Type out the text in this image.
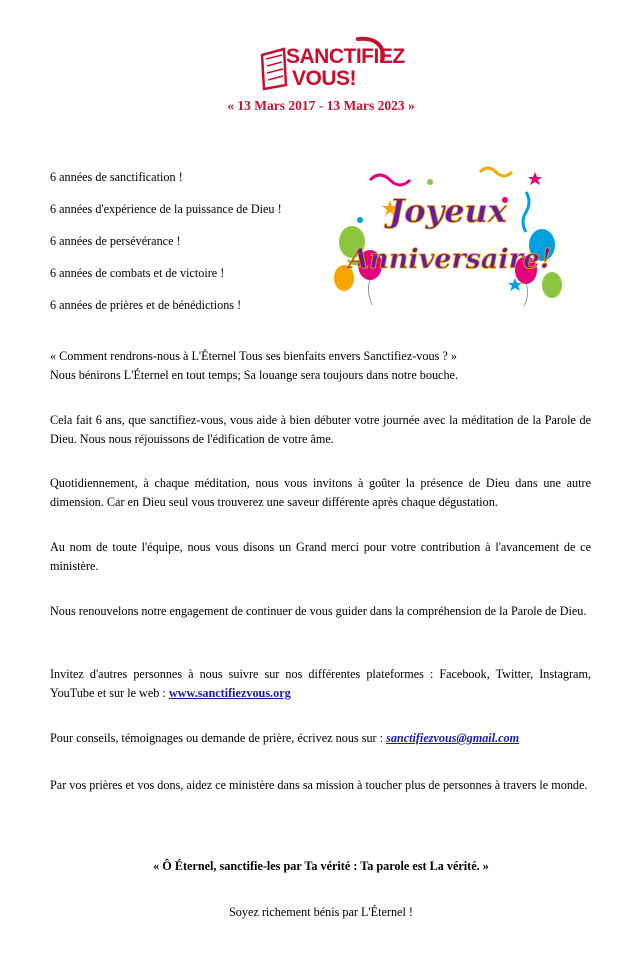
SANCTIFIEZ
VOUS!
« 13 Mars 2017 - 13 Mars 2023 »
6 années de sanctification !
6 années d'expérience de la puissance de Dieu !
6 années de persévérance !
6 années de combats et de victoire !
6 années de prières et de bénédictions !
Joyeux
Anniversaire!
« Comment rendrons-nous à L'Éternel Tous ses bienfaits envers Sanctifiez-vous ? »
Nous bénirons L'Éternel en tout temps; Sa louange sera toujours dans notre bouche.
Cela fait 6 ans, que sanctifiez-vous, vous aide à bien débuter votre journée avec la méditation de la Parole de Dieu. Nous nous réjouissons de l'édification de votre âme.
Quotidiennement, à chaque méditation, nous vous invitons à goûter la présence de Dieu dans une autre dimension. Car en Dieu seul vous trouverez une saveur différente après chaque dégustation.
Au nom de toute l'équipe, nous vous disons un Grand merci pour votre contribution à l'avancement de ce ministère.
Nous renouvelons notre engagement de continuer de vous guider dans la compréhension de la Parole de Dieu.
Invitez d'autres personnes à nous suivre sur nos différentes plateformes : Facebook, Twitter, Instagram, YouTube et sur le web : www.sanctifiezvous.org
Pour conseils, témoignages ou demande de prière, écrivez nous sur : sanctifiezvous@gmail.com
Par vos prières et vos dons, aidez ce ministère dans sa mission à toucher plus de personnes à travers le monde.
« Ô Éternel, sanctifie-les par Ta vérité : Ta parole est La vérité. »
Soyez richement bénis par L'Éternel !
